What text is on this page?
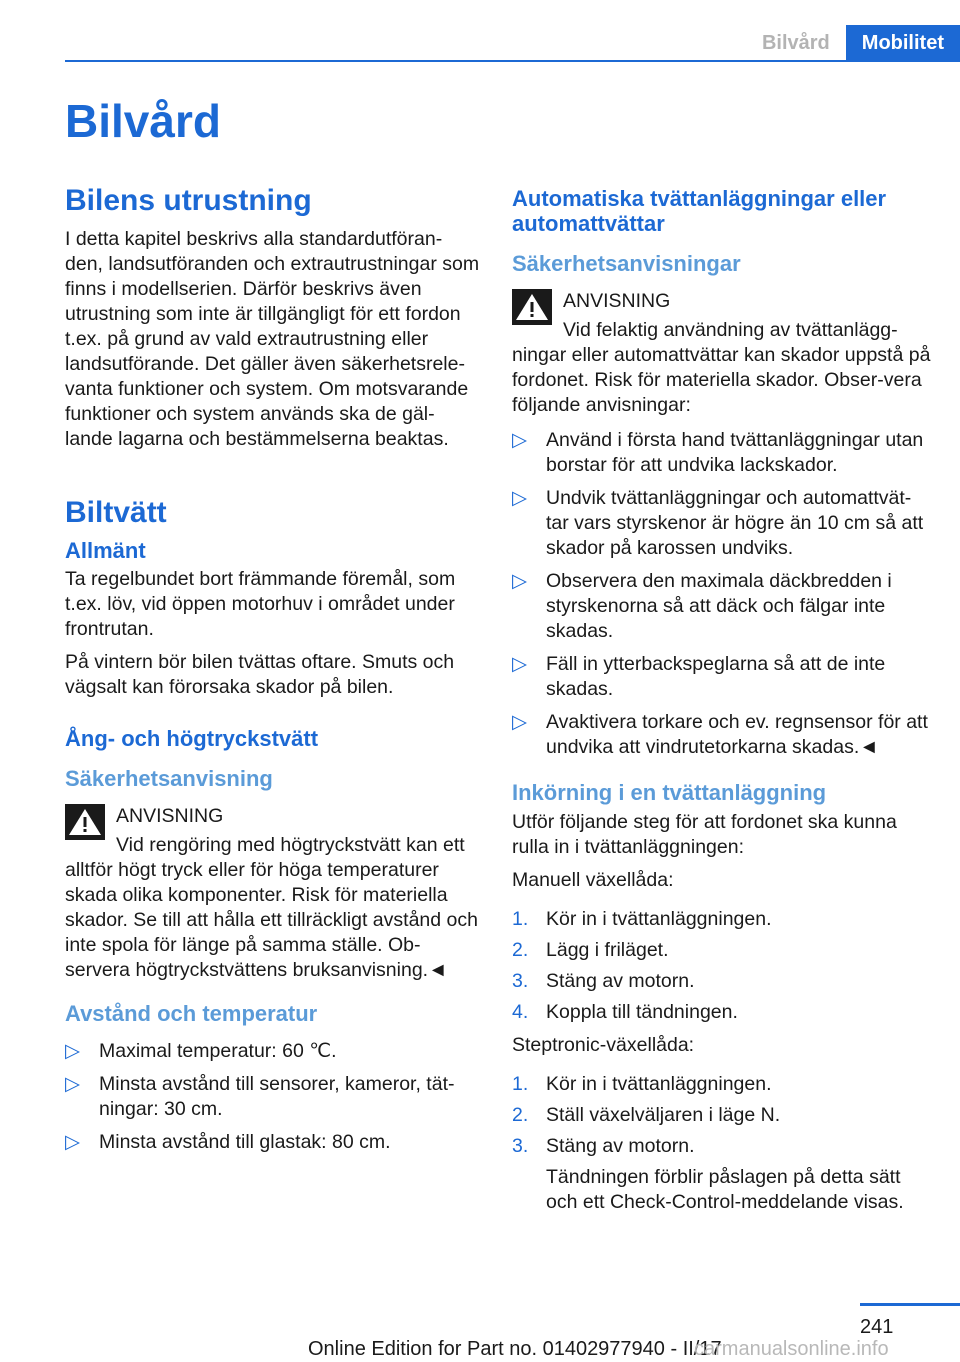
Bilvård	Mobilitet
Bilvård
Bilens utrustning

I detta kapitel beskrivs alla standardutföran-den, landsutföranden och extrautrustningar som finns i modellserien. Därför beskrivs även utrustning som inte är tillgängligt för ett fordon t.ex. på grund av vald extrautrustning eller landsutförande. Det gäller även säkerhetsrele-vanta funktioner och system. Om motsvarande funktioner och system används ska de gäl-lande lagarna och bestämmelserna beaktas.

Biltvätt
Allmänt

Ta regelbundet bort främmande föremål, som t.ex. löv, vid öppen motorhuv i området under frontrutan.

På vintern bör bilen tvättas oftare. Smuts och vägsalt kan förorsaka skador på bilen.

Ång- och högtryckstvätt
Säkerhetsanvisning

ANVISNING

Vid rengöring med högtryckstvätt kan ett
alltför högt tryck eller för höga temperaturer skada olika komponenter. Risk för materiella skador. Se till att hålla ett tillräckligt avstånd och inte spola för länge på samma ställe. Ob-servera högtryckstvättens bruksanvisning.◄

Avstånd och temperatur
▷ Maximal temperatur: 60 ℃.
▷ Minsta avstånd till sensorer, kameror, tät-ningar: 30 cm.
▷ Minsta avstånd till glastak: 80 cm.
Automatiska tvättanläggningar eller automattvättar
Säkerhetsanvisningar

ANVISNING

Vid felaktig användning av tvättanlägg-
ningar eller automattvättar kan skador uppstå på fordonet. Risk för materiella skador. Obser-vera följande anvisningar:

▷ Använd i första hand tvättanläggningar utan borstar för att undvika lackskador.
▷ Undvik tvättanläggningar och automattvät-tar vars styrskenor är högre än 10 cm så att skador på karossen undviks.
▷ Observera den maximala däckbredden i styrskenorna så att däck och fälgar inte skadas.
▷ Fäll in ytterbackspeglarna så att de inte skadas.
▷ Avaktivera torkare och ev. regnsensor för att undvika att vindrutetorkarna skadas.◄
Inkörning i en tvättanläggning

Utför följande steg för att fordonet ska kunna rulla in i tvättanläggningen:

Manuell växellåda:

1. Kör in i tvättanläggningen.
2. Lägg i friläget.
3. Stäng av motorn.
4. Koppla till tändningen.

Steptronic-växellåda:

1. Kör in i tvättanläggningen.
2. Ställ växelväljaren i läge N.
3. Stäng av motorn.
Tändningen förblir påslagen på detta sätt och ett Check-Control-meddelande visas.
241
Online Edition for Part no. 01402977940 - II/17
carmanualsonline.info
